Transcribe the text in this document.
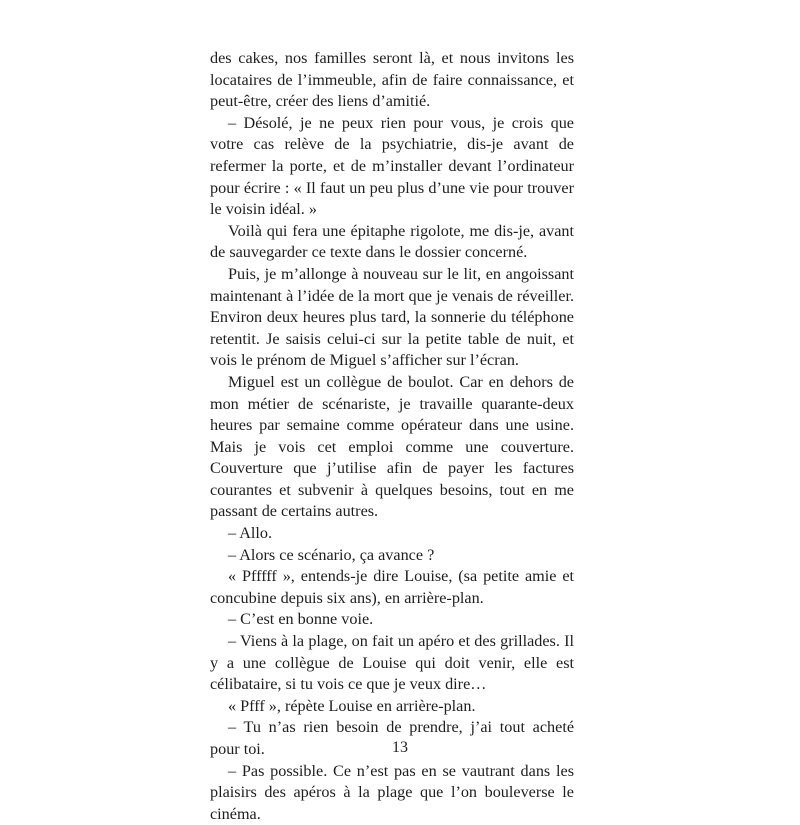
des cakes, nos familles seront là, et nous invitons les locataires de l’immeuble, afin de faire connaissance, et peut-être, créer des liens d’amitié.

– Désolé, je ne peux rien pour vous, je crois que votre cas relève de la psychiatrie, dis-je avant de refermer la porte, et de m’installer devant l’ordinateur pour écrire : « Il faut un peu plus d’une vie pour trouver le voisin idéal. »

Voilà qui fera une épitaphe rigolote, me dis-je, avant de sauvegarder ce texte dans le dossier concerné.

Puis, je m’allonge à nouveau sur le lit, en angoissant maintenant à l’idée de la mort que je venais de réveiller. Environ deux heures plus tard, la sonnerie du téléphone retentit. Je saisis celui-ci sur la petite table de nuit, et vois le prénom de Miguel s’afficher sur l’écran.

Miguel est un collègue de boulot. Car en dehors de mon métier de scénariste, je travaille quarante-deux heures par semaine comme opérateur dans une usine. Mais je vois cet emploi comme une couverture. Couverture que j’utilise afin de payer les factures courantes et subvenir à quelques besoins, tout en me passant de certains autres.

– Allo.

– Alors ce scénario, ça avance ?

« Pfffff », entends-je dire Louise, (sa petite amie et concubine depuis six ans), en arrière-plan.

– C’est en bonne voie.

– Viens à la plage, on fait un apéro et des grillades. Il y a une collègue de Louise qui doit venir, elle est célibataire, si tu vois ce que je veux dire…

« Pfff », répète Louise en arrière-plan.

– Tu n’as rien besoin de prendre, j’ai tout acheté pour toi.

– Pas possible. Ce n’est pas en se vautrant dans les plaisirs des apéros à la plage que l’on bouleverse le cinéma.

13
